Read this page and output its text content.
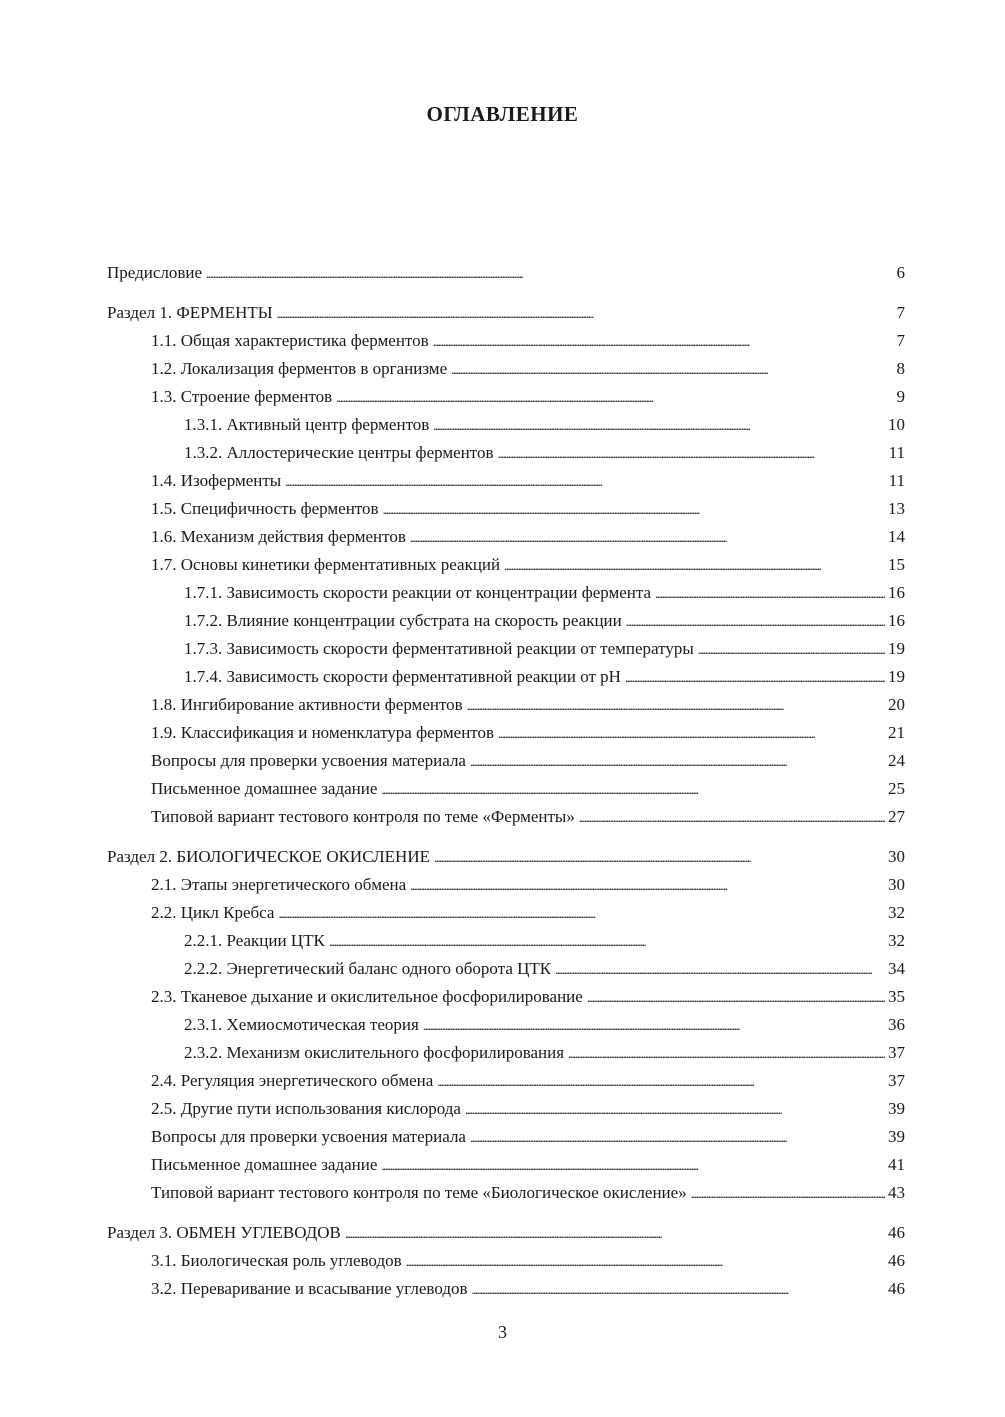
ОГЛАВЛЕНИЕ
Предисловие . . .	6
Раздел 1. ФЕРМЕНТЫ . . .	7
1.1. Общая характеристика ферментов . . .	7
1.2. Локализация ферментов в организме . . .	8
1.3. Строение ферментов . . .	9
1.3.1. Активный центр ферментов . . .	10
1.3.2. Аллостерические центры ферментов . . .	11
1.4. Изоферменты . . .	11
1.5. Специфичность ферментов . . .	13
1.6. Механизм действия ферментов . . .	14
1.7. Основы кинетики ферментативных реакций . . .	15
1.7.1. Зависимость скорости реакции от концентрации фермента . . .	16
1.7.2. Влияние концентрации субстрата на скорость реакции . . .	16
1.7.3. Зависимость скорости ферментативной реакции от температуры . . .	19
1.7.4. Зависимость скорости ферментативной реакции от pH . . .	19
1.8. Ингибирование активности ферментов . . .	20
1.9. Классификация и номенклатура ферментов . . .	21
Вопросы для проверки усвоения материала . . .	24
Письменное домашнее задание . . .	25
Типовой вариант тестового контроля по теме «Ферменты» . . .	27
Раздел 2. БИОЛОГИЧЕСКОЕ ОКИСЛЕНИЕ . . .	30
2.1. Этапы энергетического обмена . . .	30
2.2. Цикл Кребса . . .	32
2.2.1. Реакции ЦТК . . .	32
2.2.2. Энергетический баланс одного оборота ЦТК . . .	34
2.3. Тканевое дыхание и окислительное фосфорилирование . . .	35
2.3.1. Хемиосмотическая теория . . .	36
2.3.2. Механизм окислительного фосфорилирования . . .	37
2.4. Регуляция энергетического обмена . . .	37
2.5. Другие пути использования кислорода . . .	39
Вопросы для проверки усвоения материала . . .	39
Письменное домашнее задание . . .	41
Типовой вариант тестового контроля по теме «Биологическое окисление» . . .	43
Раздел 3. ОБМЕН УГЛЕВОДОВ . . .	46
3.1. Биологическая роль углеводов . . .	46
3.2. Переваривание и всасывание углеводов . . .	46
3
